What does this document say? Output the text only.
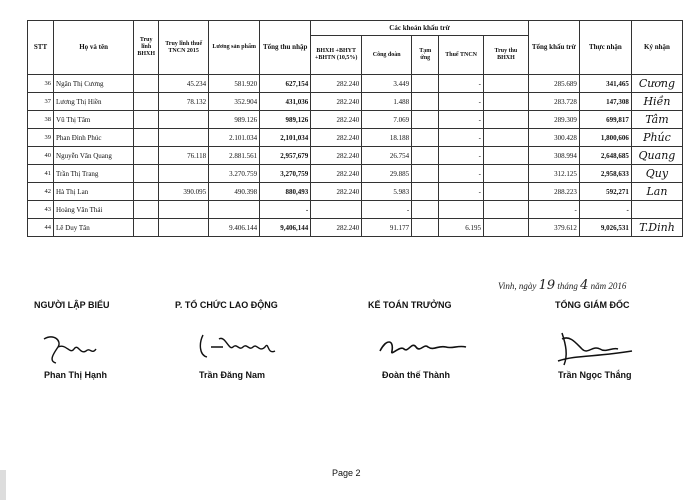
STT	Họ và tên	Truy lĩnh BHXH	Truy lĩnh thuế TNCN 2015	Lương sản phẩm	Tổng thu nhập	Các khoản khấu trừ					Tổng khấu trừ	Thực nhận	Ký nhận
						BHXH +BHYT +BHTN (10,5%)	Công đoàn	Tạm ứng	Thuế TNCN	Truy thu BHXH			
36	Ngân Thị Cương		45.234	581.920	627,154	282.240	3.449		-		285.689	341,465	Cương
37	Lương Thị Hiền		78.132	352.904	431,036	282.240	1.488		-		283.728	147,308	Hiền
38	Vũ Thị Tâm			989.126	989,126	282.240	7.069		-		289.309	699,817	Tâm
39	Phan Đình Phúc			2.101.034	2,101,034	282.240	18.188		-		300.428	1,800,606	Phúc
40	Nguyễn Văn Quang		76.118	2.881.561	2,957,679	282.240	26.754		-		308.994	2,648,685	Quang
41	Trần Thị Trang			3.270.759	3,270,759	282.240	29.885		-		312.125	2,958,633	Quy
42	Hà Thị Lan		390.095	490.398	880,493	282.240	5.983		-		288.223	592,271	Lan
43	Hoàng Văn Thái				-		-				-	-	
44	Lê Duy Tân			9.406.144	9,406,144	282.240	91.177		6.195		379.612	9,026,531	T.Dinh
Vinh, ngày 19 tháng 4 năm 2016
NGƯỜI LẬP BIỂU	P. TỔ CHỨC LAO ĐỘNG	KẾ TOÁN TRƯỞNG	TỔNG GIÁM ĐỐC
Phan Thị Hạnh	Trần Đăng Nam	Đoàn thế Thành	Trần Ngọc Thắng
Page 2
